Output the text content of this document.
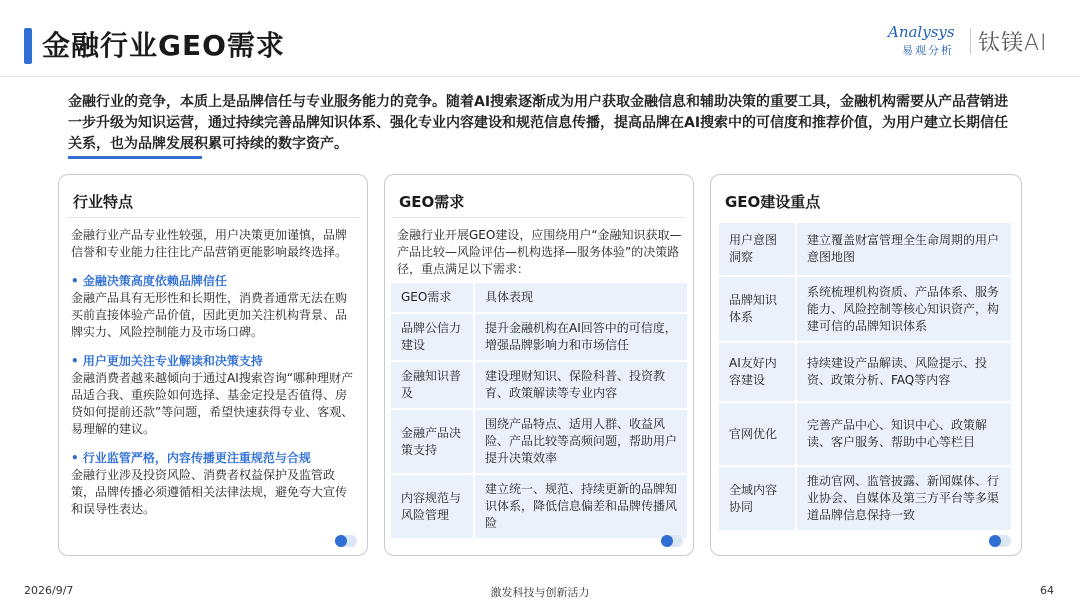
金融行业GEO需求	Analysys
易观分析	钛镁AI
金融行业的竞争，本质上是品牌信任与专业服务能力的竞争。随着AI搜索逐渐成为用户获取金融信息和辅助决策的重要工具，金融机构需要从产品营销进一步升级为知识运营，通过持续完善品牌知识体系、强化专业内容建设和规范信息传播，提高品牌在AI搜索中的可信度和推荐价值，为用户建立长期信任关系，也为品牌发展积累可持续的数字资产。
行业特点
金融行业产品专业性较强，用户决策更加谨慎，品牌信誉和专业能力往往比产品营销更能影响最终选择。
• 金融决策高度依赖品牌信任
金融产品具有无形性和长期性，消费者通常无法在购买前直接体验产品价值，因此更加关注机构背景、品牌实力、风险控制能力及市场口碑。
• 用户更加关注专业解读和决策支持
金融消费者越来越倾向于通过AI搜索咨询“哪种理财产品适合我、重疾险如何选择、基金定投是否值得、房贷如何提前还款”等问题，希望快速获得专业、客观、易理解的建议。
• 行业监管严格，内容传播更注重规范与合规
金融行业涉及投资风险、消费者权益保护及监管政策，品牌传播必须遵循相关法律法规，避免夸大宣传和误导性表达。
GEO需求
金融行业开展GEO建设，应围绕用户“金融知识获取—产品比较—风险评估—机构选择—服务体验”的决策路径，重点满足以下需求：
GEO需求	具体表现
品牌公信力建设	提升金融机构在AI回答中的可信度，增强品牌影响力和市场信任
金融知识普及	建设理财知识、保险科普、投资教育、政策解读等专业内容
金融产品决策支持	围绕产品特点、适用人群、收益风险、产品比较等高频问题，帮助用户提升决策效率
内容规范与风险管理	建立统一、规范、持续更新的品牌知识体系，降低信息偏差和品牌传播风险
GEO建设重点
用户意图洞察	建立覆盖财富管理全生命周期的用户意图地图
品牌知识体系	系统梳理机构资质、产品体系、服务能力、风险控制等核心知识资产，构建可信的品牌知识体系
AI友好内容建设	持续建设产品解读、风险提示、投资、政策分析、FAQ等内容
官网优化	完善产品中心、知识中心、政策解读、客户服务、帮助中心等栏目
全域内容协同	推动官网、监管披露、新闻媒体、行业协会、自媒体及第三方平台等多渠道品牌信息保持一致
激发科技与创新活力
2026/9/7	64
